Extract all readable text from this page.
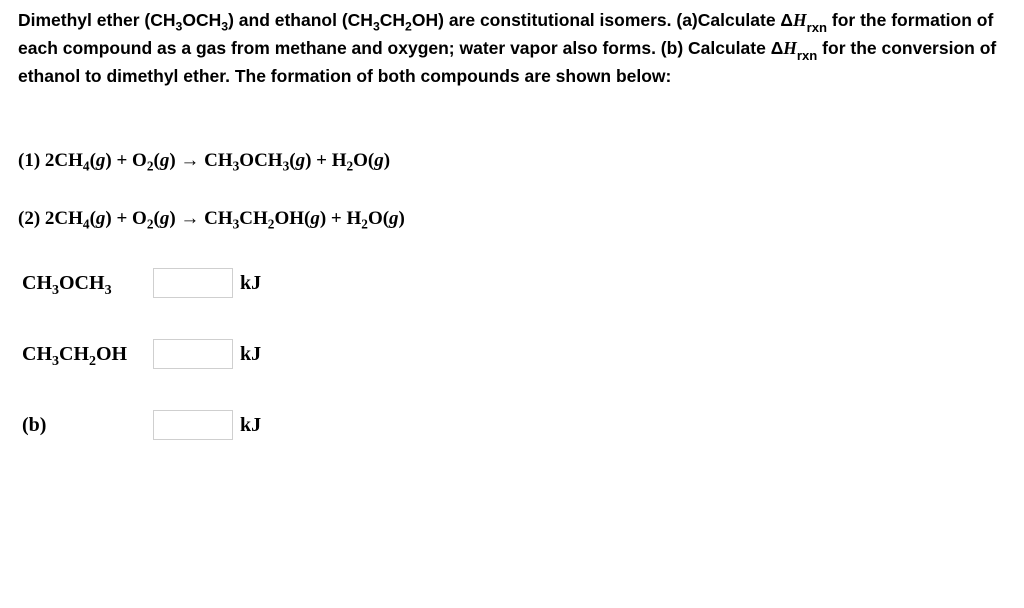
Dimethyl ether $(CH_3OCH_3)$ and ethanol $(CH_3CH_2OH)$ are constitutional isomers. (a)Calculate $\Delta H_{rxn}$ for the formation of each compound as a gas from methane and oxygen; water vapor also forms. (b) Calculate $\Delta H_{rxn}$ for the conversion of ethanol to dimethyl ether. The formation of both compounds are shown below:
(1) $2CH_4(g) + O_2(g) \to CH_3OCH_3(g) + H_2O(g)$
(2) $2CH_4(g) + O_2(g) \to CH_3CH_2OH(g) + H_2O(g)$
$CH_3OCH_3$	kJ
$CH_3CH_2OH$	kJ
(b)	kJ
